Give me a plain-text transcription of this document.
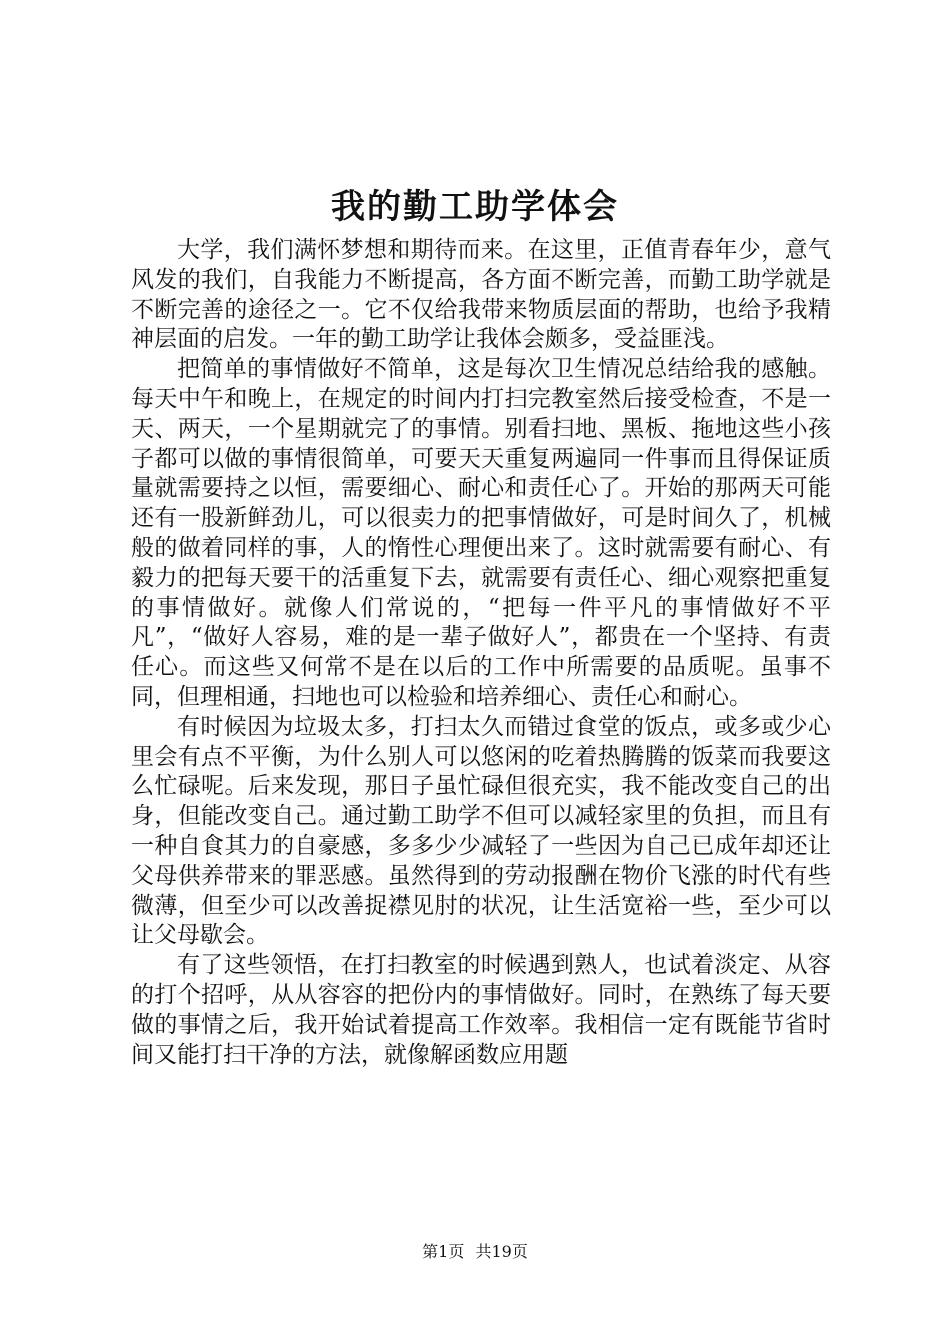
我的勤工助学体会

大学，我们满怀梦想和期待而来。在这里，正值青春年少，意气风发的我们，自我能力不断提高，各方面不断完善，而勤工助学就是不断完善的途径之一。它不仅给我带来物质层面的帮助，也给予我精神层面的启发。一年的勤工助学让我体会颇多，受益匪浅。

把简单的事情做好不简单，这是每次卫生情况总结给我的感触。每天中午和晚上，在规定的时间内打扫完教室然后接受检查，不是一天、两天，一个星期就完了的事情。别看扫地、黑板、拖地这些小孩子都可以做的事情很简单，可要天天重复两遍同一件事而且得保证质量就需要持之以恒，需要细心、耐心和责任心了。开始的那两天可能还有一股新鲜劲儿，可以很卖力的把事情做好，可是时间久了，机械般的做着同样的事，人的惰性心理便出来了。这时就需要有耐心、有毅力的把每天要干的活重复下去，就需要有责任心、细心观察把重复的事情做好。就像人们常说的，“把每一件平凡的事情做好不平凡”，“做好人容易，难的是一辈子做好人”，都贵在一个坚持、有责任心。而这些又何常不是在以后的工作中所需要的品质呢。虽事不同，但理相通，扫地也可以检验和培养细心、责任心和耐心。

有时候因为垃圾太多，打扫太久而错过食堂的饭点，或多或少心里会有点不平衡，为什么别人可以悠闲的吃着热腾腾的饭菜而我要这么忙碌呢。后来发现，那日子虽忙碌但很充实，我不能改变自己的出身，但能改变自己。通过勤工助学不但可以减轻家里的负担，而且有一种自食其力的自豪感，多多少少减轻了一些因为自己已成年却还让父母供养带来的罪恶感。虽然得到的劳动报酬在物价飞涨的时代有些微薄，但至少可以改善捉襟见肘的状况，让生活宽裕一些，至少可以让父母歇会。

有了这些领悟，在打扫教室的时候遇到熟人，也试着淡定、从容的打个招呼，从从容容的把份内的事情做好。同时，在熟练了每天要做的事情之后，我开始试着提高工作效率。我相信一定有既能节省时间又能打扫干净的方法，就像解函数应用题

第1页 共19页
